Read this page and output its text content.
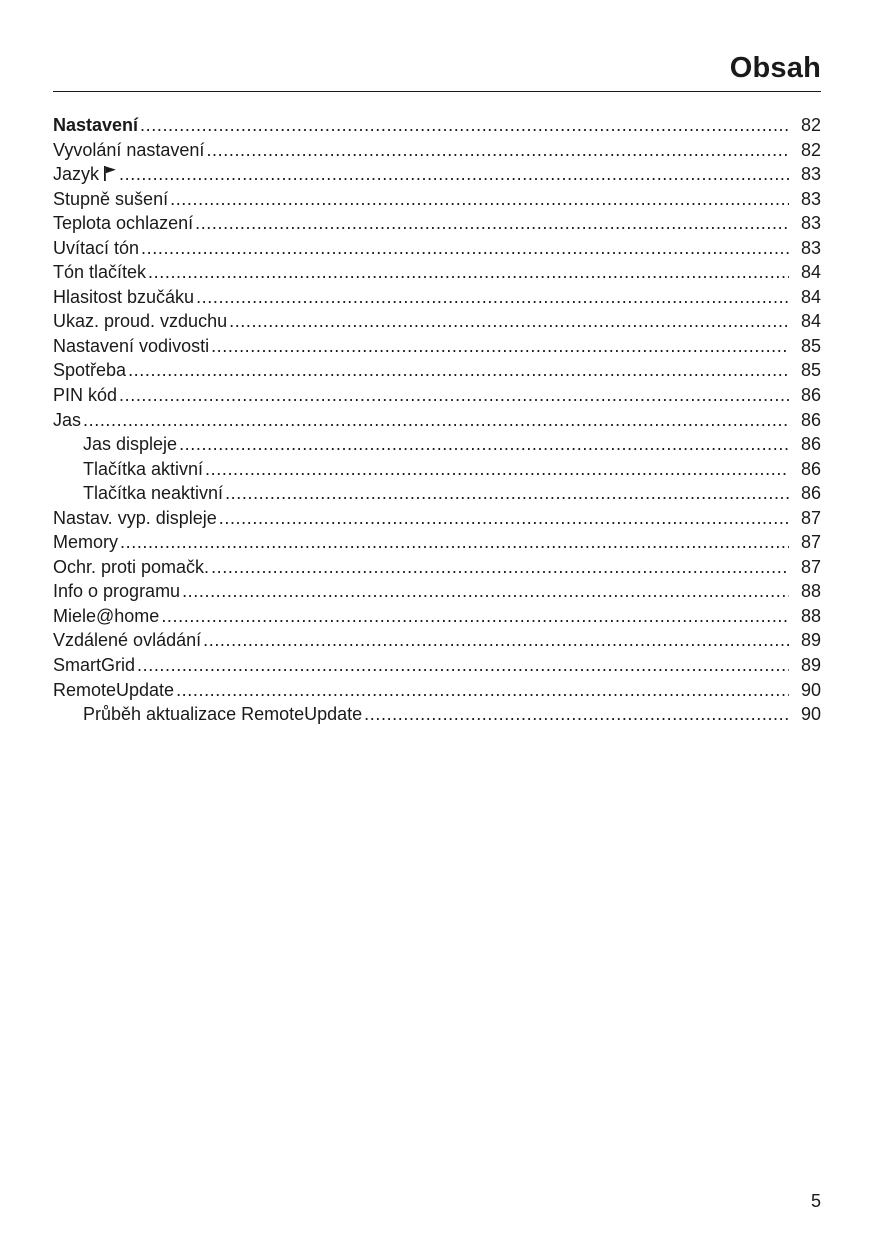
Obsah
Nastavení .....	82
Vyvolání nastavení .....	82
Jazyk .....	83
Stupně sušení .....	83
Teplota ochlazení .....	83
Uvítací tón .....	83
Tón tlačítek .....	84
Hlasitost bzučáku .....	84
Ukaz. proud. vzduchu .....	84
Nastavení vodivosti .....	85
Spotřeba .....	85
PIN kód .....	86
Jas .....	86
Jas displeje .....	86
Tlačítka aktivní .....	86
Tlačítka neaktivní .....	86
Nastav. vyp. displeje .....	87
Memory .....	87
Ochr. proti pomačk. .....	87
Info o programu .....	88
Miele@home .....	88
Vzdálené ovládání .....	89
SmartGrid .....	89
RemoteUpdate .....	90
Průběh aktualizace RemoteUpdate .....	90

5
